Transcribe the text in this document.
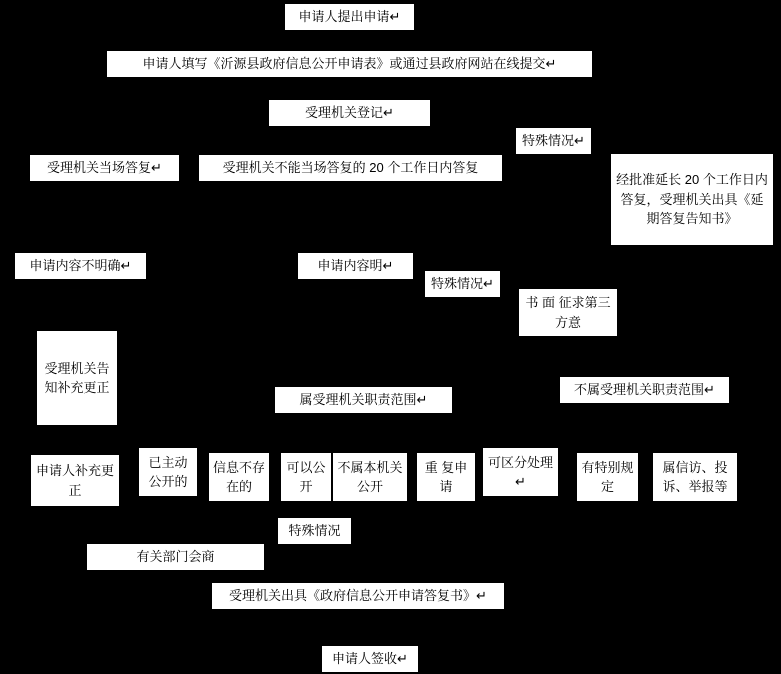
申请人提出申请↵
申请人填写《沂源县政府信息公开申请表》或通过县政府网站在线提交↵
受理机关登记↵
特殊情况↵
受理机关当场答复↵	受理机关不能当场答复的 20 个工作日内答复
经批准延长 20 个工作日内答复，受理机关出具《延期答复告知书》
申请内容不明确↵	申请内容明↵
特殊情况↵
书 面 征求第三方意
受理机关告知补充更正
属受理机关职责范围↵
不属受理机关职责范围↵
申请人补充更正
已主动公开的
信息不存在的
可以公开
不属本机关公开
重 复申请
可区分处理↵
有特别规定
属信访、投诉、举报等
特殊情况
有关部门会商
受理机关出具《政府信息公开申请答复书》↵
申请人签收↵
